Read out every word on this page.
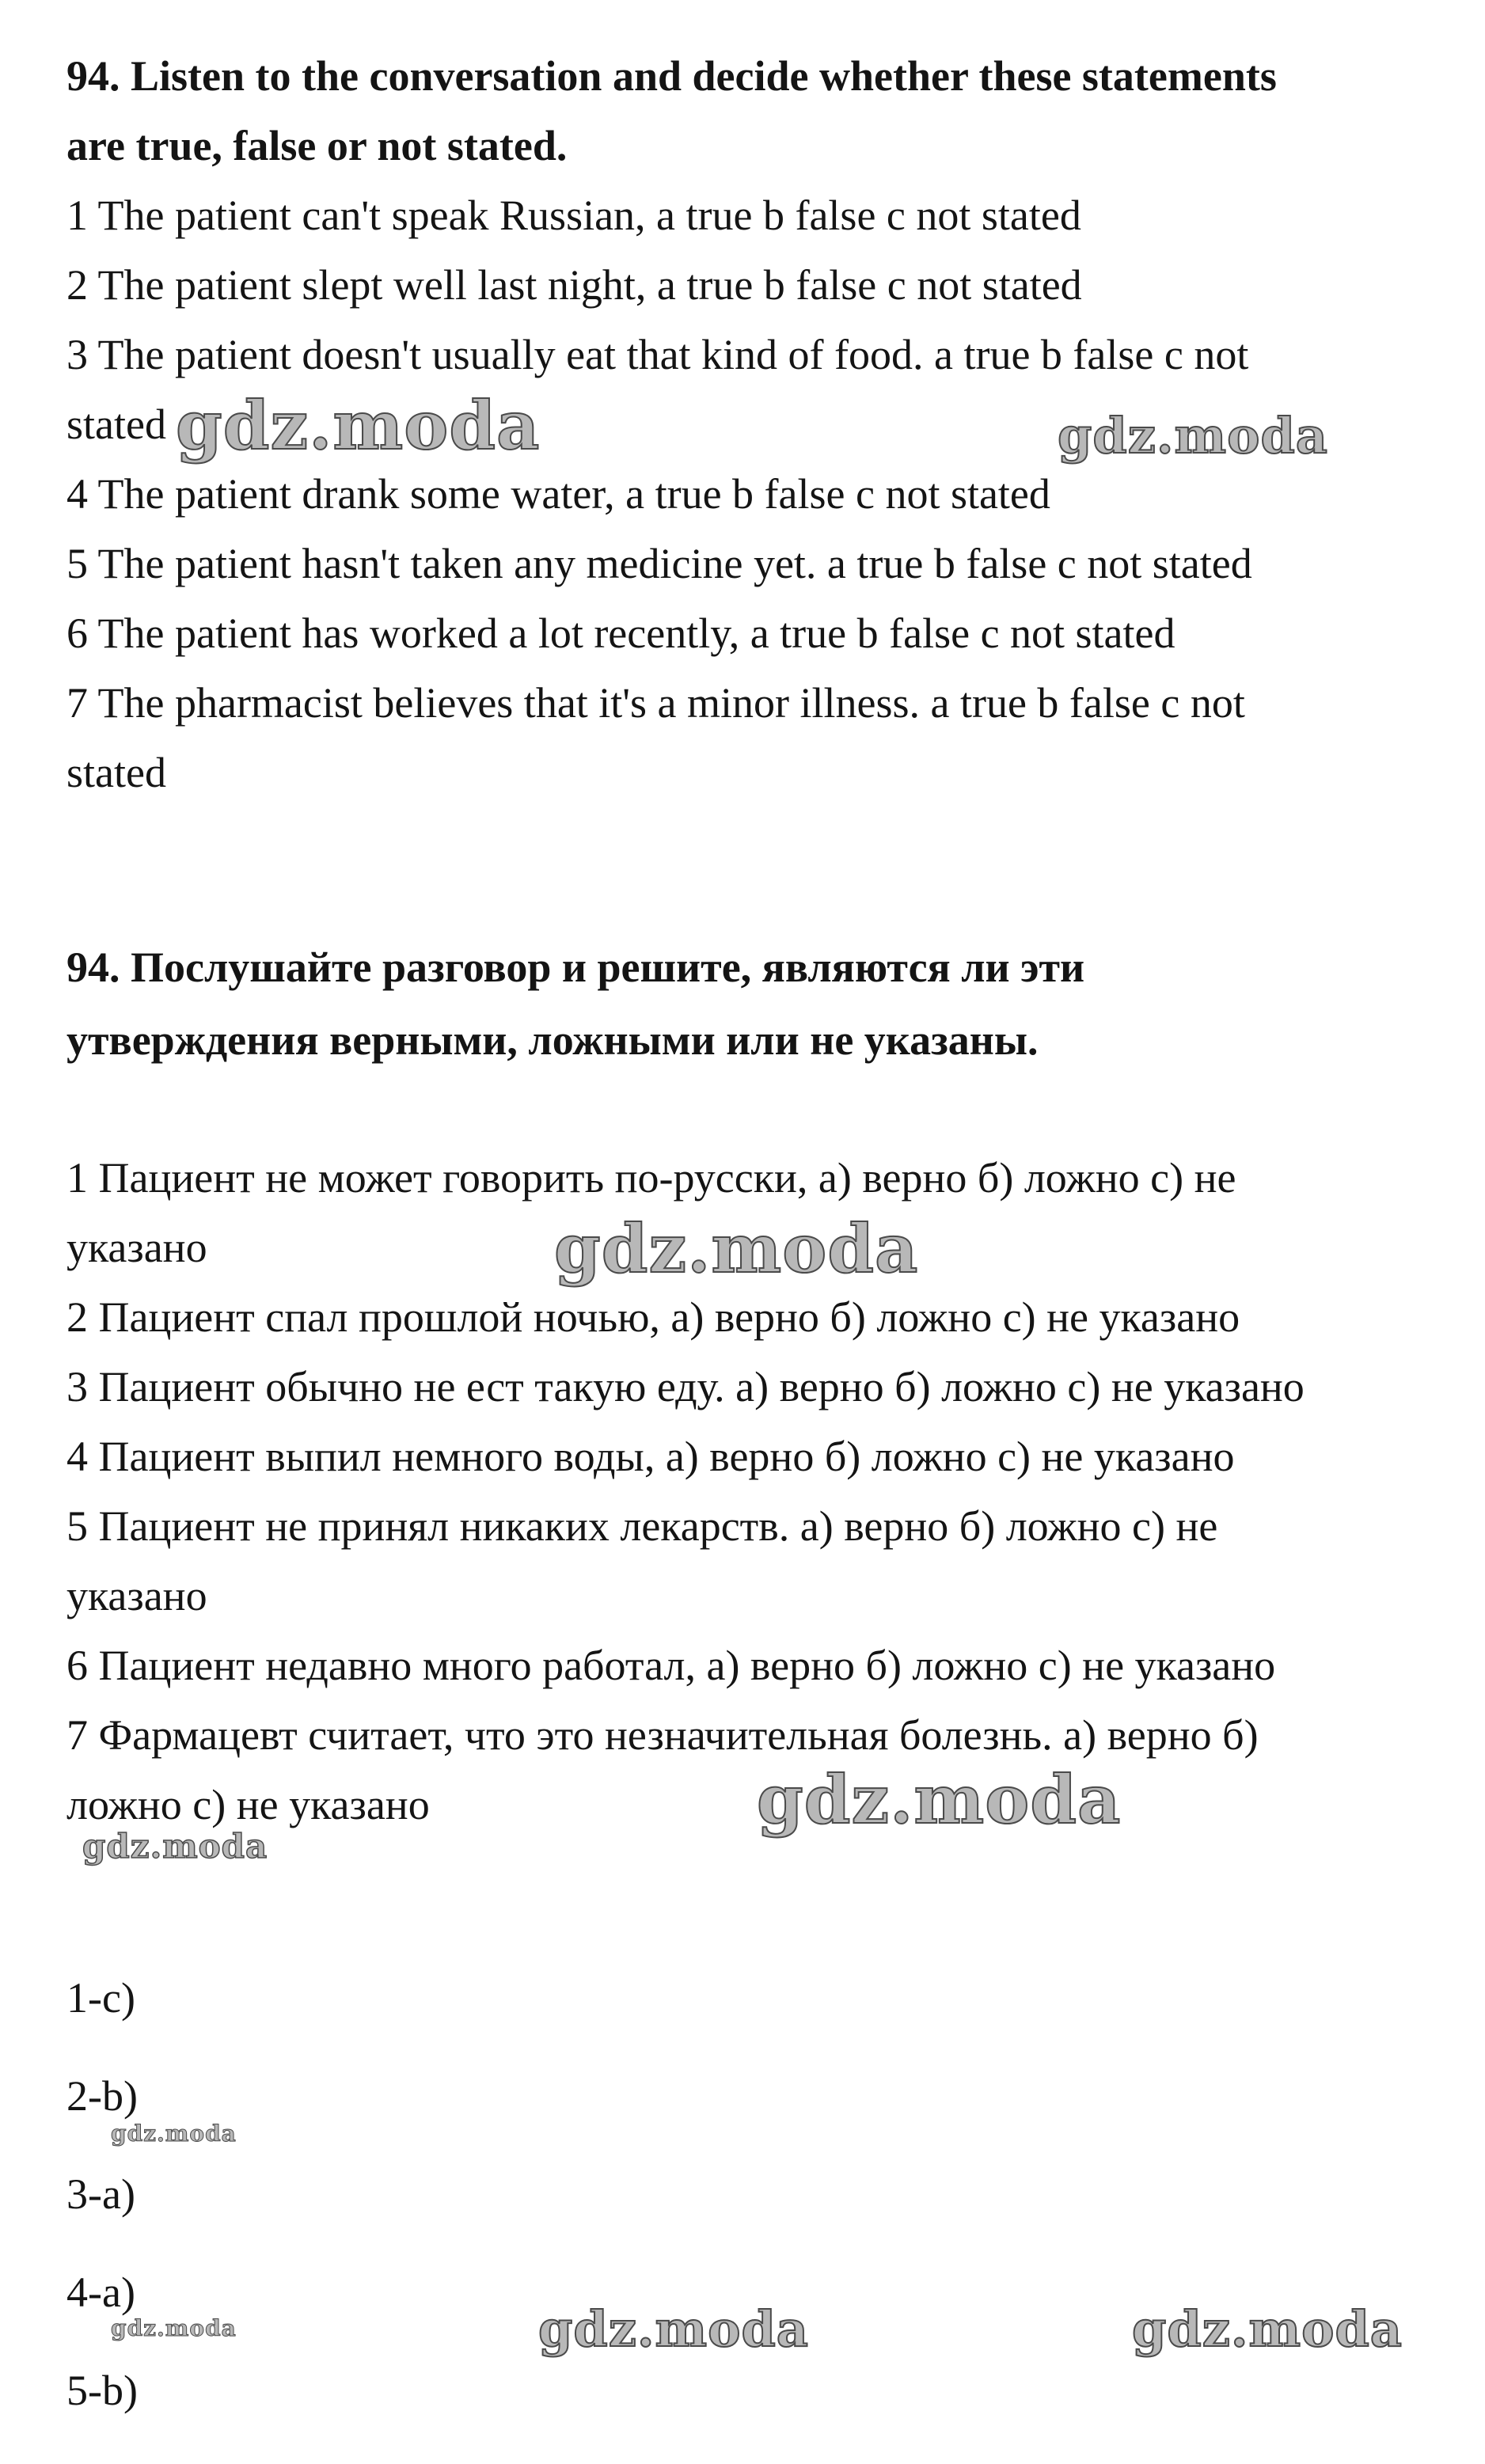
94. Listen to the conversation and decide whether these statements

are true, false or not stated.

1 The patient can't speak Russian, a true b false c not stated

2 The patient slept well last night, a true b false c not stated

3 The patient doesn't usually eat that kind of food. a true b false c not

stated

4 The patient drank some water, a true b false c not stated

5 The patient hasn't taken any medicine yet. a true b false c not stated

6 The patient has worked a lot recently, a true b false c not stated

7 The pharmacist believes that it's a minor illness. a true b false c not

stated

94. Послушайте разговор и решите, являются ли эти

утверждения верными, ложными или не указаны.

1 Пациент не может говорить по-русски, а) верно б) ложно с) не

указано

2 Пациент спал прошлой ночью, а) верно б) ложно с) не указано

3 Пациент обычно не ест такую еду. а) верно б) ложно с) не указано

4 Пациент выпил немного воды, а) верно б) ложно с) не указано

5 Пациент не принял никаких лекарств. а) верно б) ложно с) не

указано

6 Пациент недавно много работал, а) верно б) ложно с) не указано

7 Фармацевт считает, что это незначительная болезнь. а) верно б)

ложно с) не указано

1-c)

2-b)

3-a)

4-a)

5-b)

gdz.moda	gdz.moda
gdz.moda
gdz.moda
gdz.moda
gdz.moda
gdz.moda	gdz.moda	gdz.moda
